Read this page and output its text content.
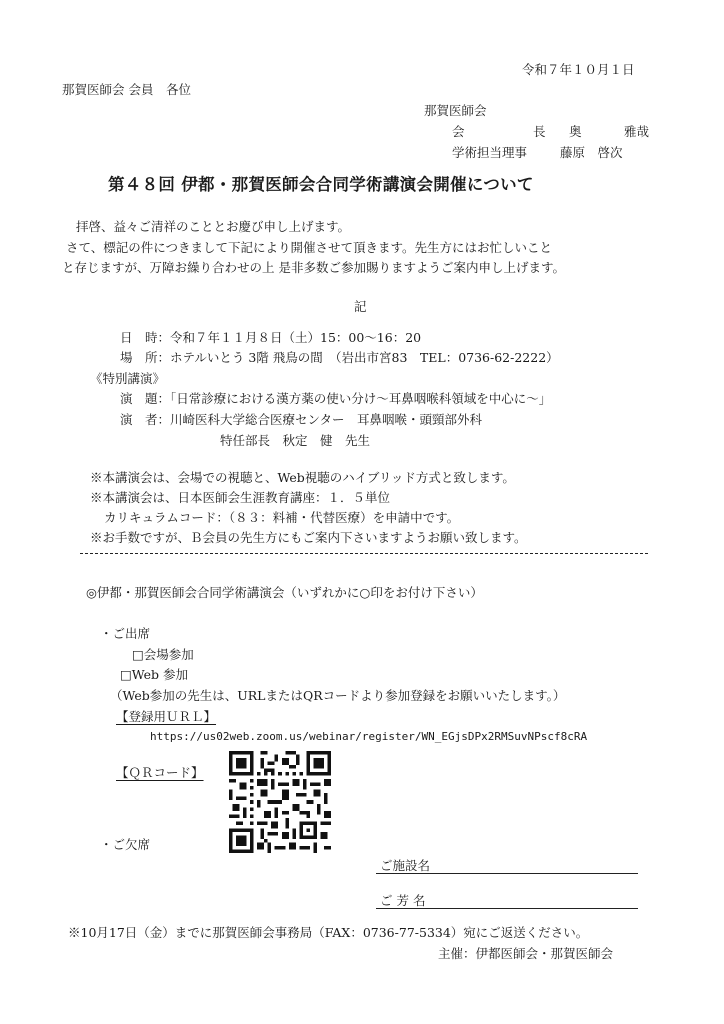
令和７年１０月１日
那賀医師会 会員　各位
那賀医師会
会	長 奥	雅哉
学術担当理事	藤原　啓次
第４８回 伊都・那賀医師会合同学術講演会開催について
拝啓、益々ご清祥のこととお慶び申し上げます。
さて、標記の件につきまして下記により開催させて頂きます。先生方にはお忙しいこと
と存じますが、万障お繰り合わせの上 是非多数ご参加賜りますようご案内申し上げます。
記
日　時：令和７年１１月８日（土）15：00～16：20
場　所：ホテルいとう 3階 飛鳥の間　（岩出市宮83　TEL：0736-62-2222）
《特別講演》
演　題：「日常診療における漢方薬の使い分け～耳鼻咽喉科領域を中心に～」
演　者：川崎医科大学総合医療センター　耳鼻咽喉・頭頸部外科
特任部長　秋定　健　先生
※本講演会は、会場での視聴と、Web視聴のハイブリッド方式と致します。
※本講演会は、日本医師会生涯教育講座：１．５単位
カリキュラムコード：（８３：料補・代替医療）を申請中です。
※お手数ですが、Ｂ会員の先生方にもご案内下さいますようお願い致します。
◎伊都・那賀医師会合同学術講演会（いずれかに○印をお付け下さい）
・ご出席
□会場参加
□Web 参加
（Web参加の先生は、URLまたはQRコードより参加登録をお願いいたします。）
【登録用ＵＲＬ】
https://us02web.zoom.us/webinar/register/WN_EGjsDPx2RMSuvNPscf8cRA
【ＱＲコード】
・ご欠席
ご施設名
ご 芳 名
※10月17日（金）までに那賀医師会事務局（FAX：0736-77-5334）宛にご返送ください。
主催：伊都医師会・那賀医師会
